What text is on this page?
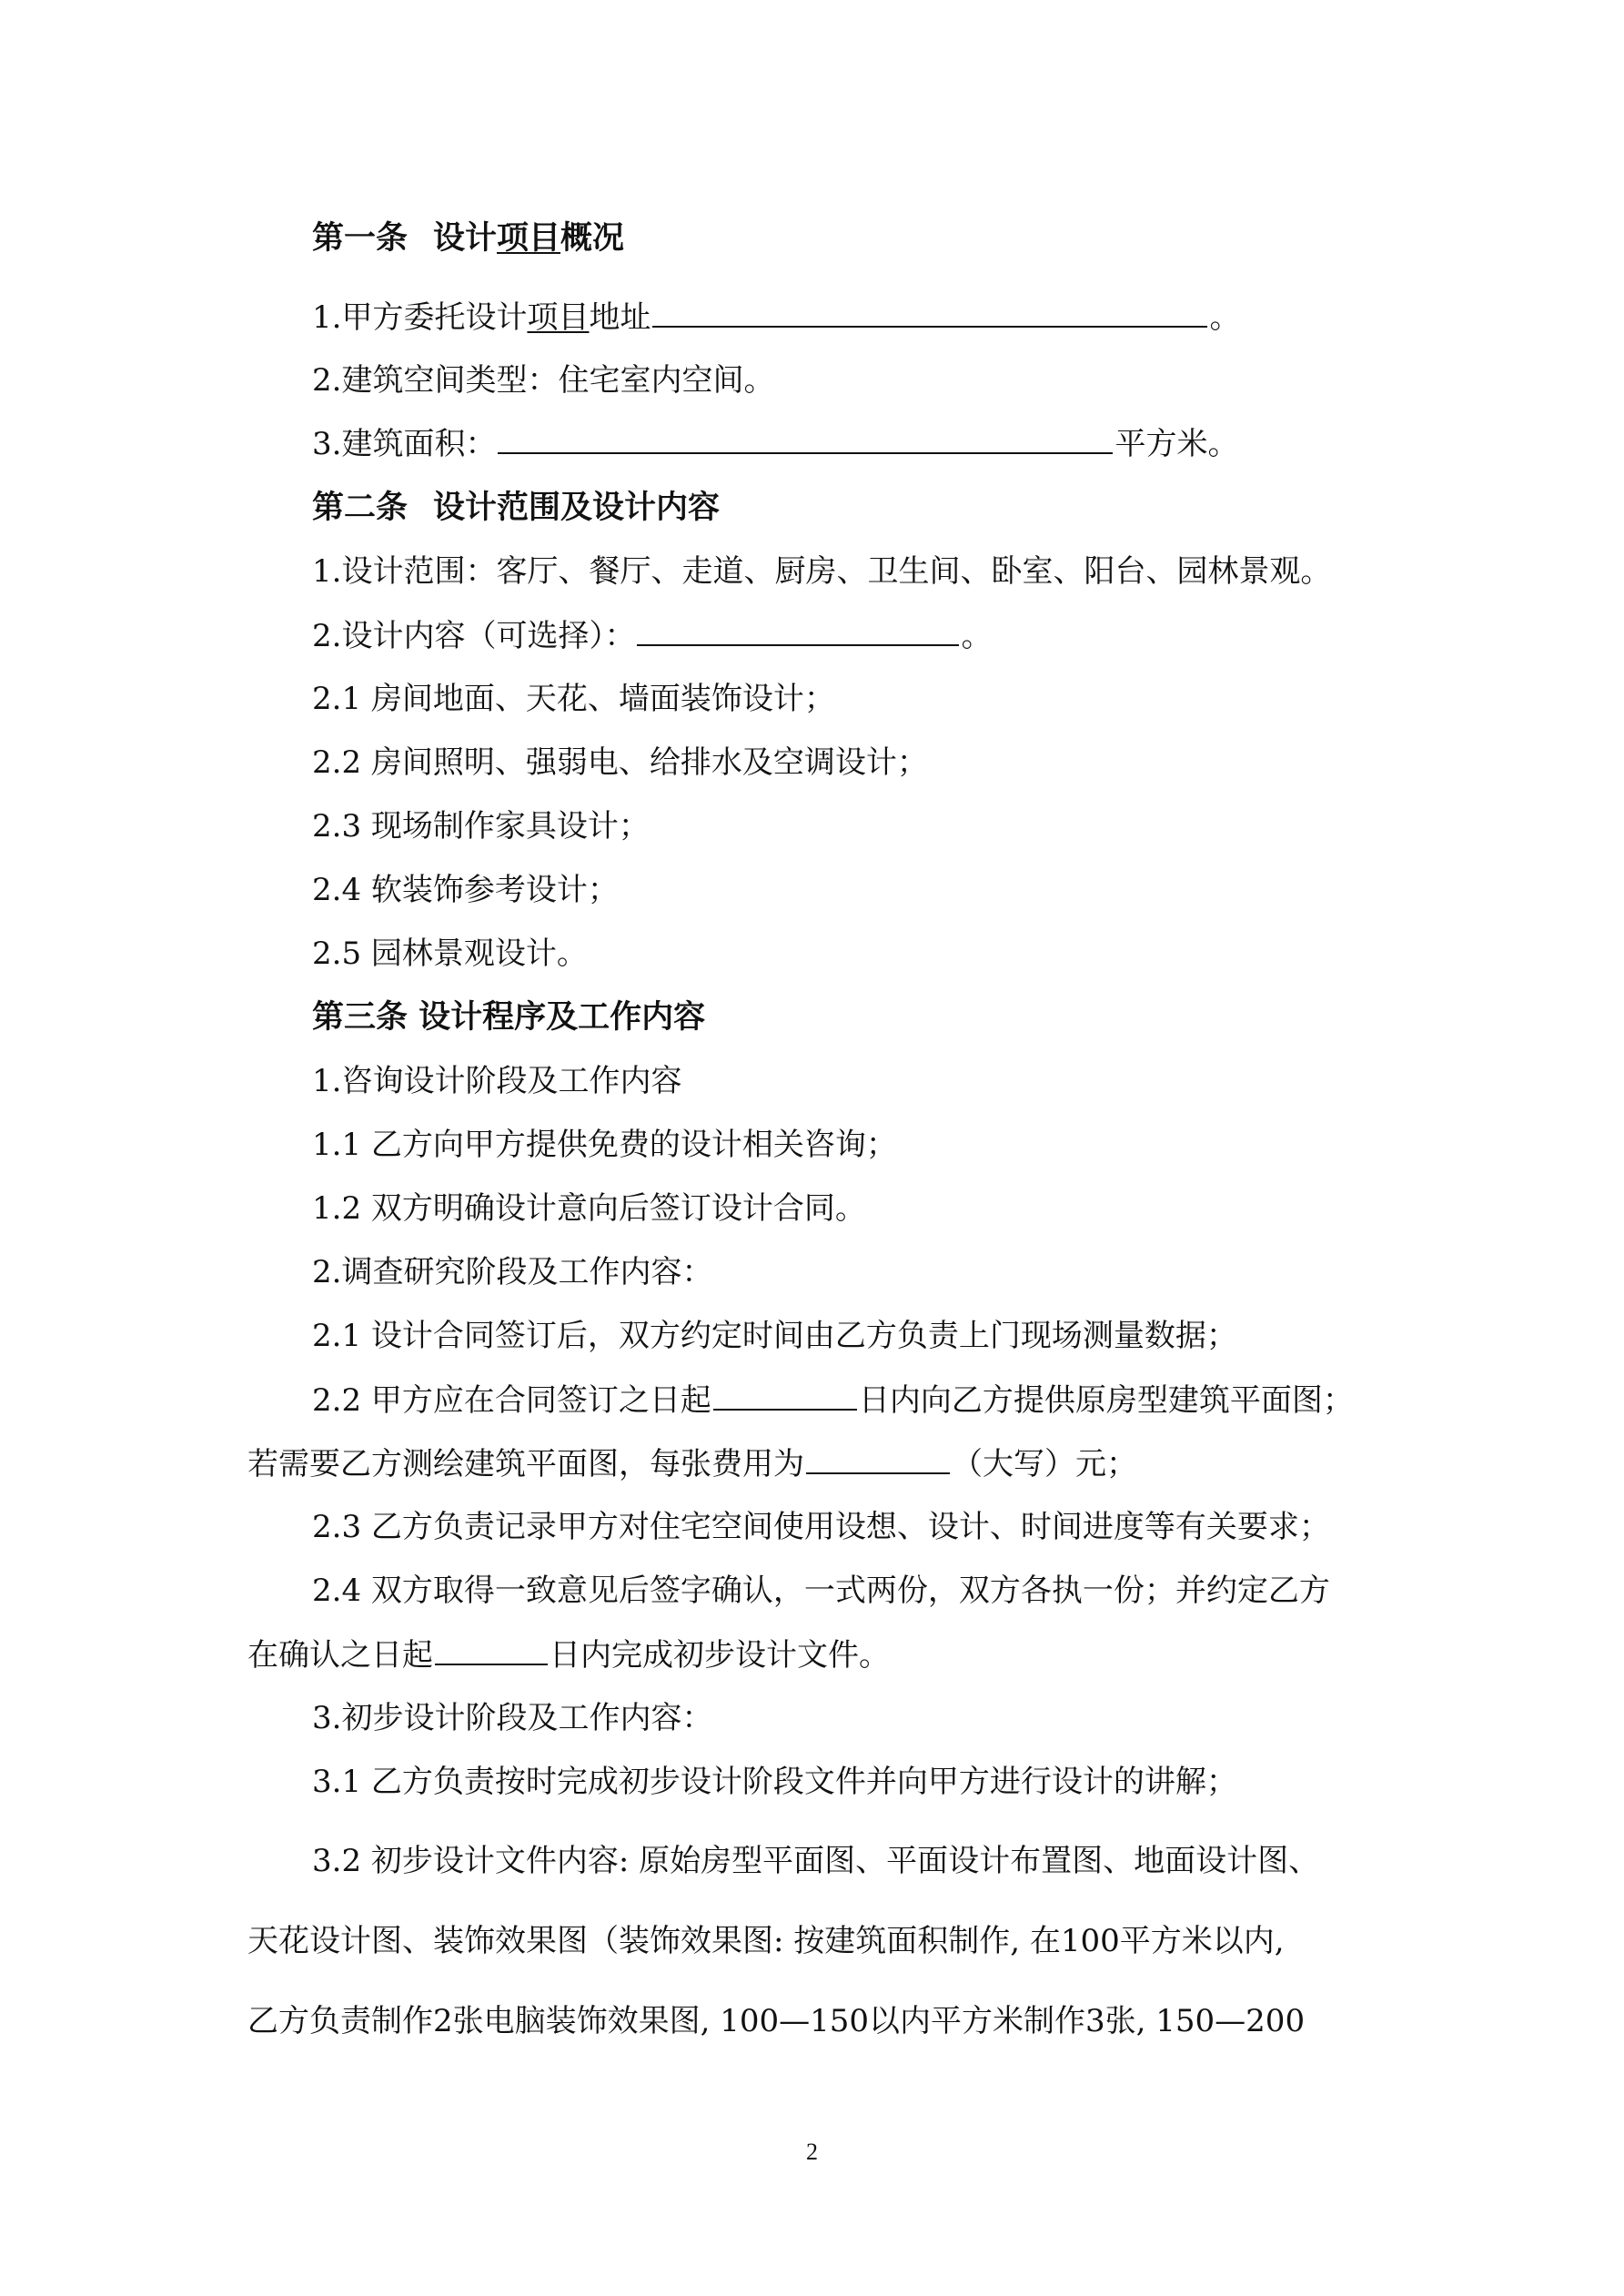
第一条 设计项目概况

1.甲方委托设计项目地址	。

2.建筑空间类型：住宅室内空间。

3.建筑面积：	平方米。

第二条 设计范围及设计内容

1.设计范围：客厅、餐厅、走道、厨房、卫生间、卧室、阳台、园林景观。

2.设计内容（可选择）：	。

2.1 房间地面、天花、墙面装饰设计；

2.2 房间照明、强弱电、给排水及空调设计；

2.3 现场制作家具设计；

2.4 软装饰参考设计；

2.5 园林景观设计。

第三条 设计程序及工作内容

1.咨询设计阶段及工作内容

1.1 乙方向甲方提供免费的设计相关咨询；

1.2 双方明确设计意向后签订设计合同。

2.调查研究阶段及工作内容：

2.1 设计合同签订后，双方约定时间由乙方负责上门现场测量数据；

2.2 甲方应在合同签订之日起	日内向乙方提供原房型建筑平面图；

若需要乙方测绘建筑平面图，每张费用为	（大写）元；

2.3 乙方负责记录甲方对住宅空间使用设想、设计、时间进度等有关要求；

2.4 双方取得一致意见后签字确认，一式两份，双方各执一份；并约定乙方

在确认之日起	日内完成初步设计文件。

3.初步设计阶段及工作内容：

3.1 乙方负责按时完成初步设计阶段文件并向甲方进行设计的讲解；

3.2 初步设计文件内容: 原始房型平面图、平面设计布置图、地面设计图、

天花设计图、装饰效果图（装饰效果图: 按建筑面积制作, 在100平方米以内,

乙方负责制作2张电脑装饰效果图, 100—150以内平方米制作3张, 150—200

2
